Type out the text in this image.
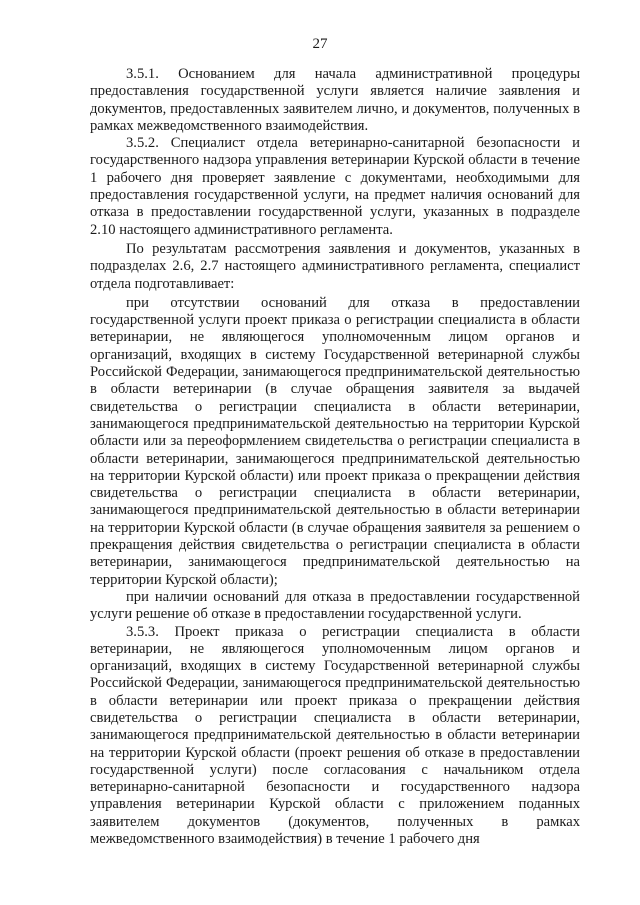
27

3.5.1. Основанием для начала административной процедуры предоставления государственной услуги является наличие заявления и документов, предоставленных заявителем лично, и документов, полученных в рамках межведомственного взаимодействия.

3.5.2. Специалист отдела ветеринарно-санитарной безопасности и государственного надзора управления ветеринарии Курской области в течение 1 рабочего дня проверяет заявление с документами, необходимыми для предоставления государственной услуги, на предмет наличия оснований для отказа в предоставлении государственной услуги, указанных в подразделе 2.10 настоящего административного регламента.

По результатам рассмотрения заявления и документов, указанных в подразделах 2.6, 2.7 настоящего административного регламента, специалист отдела подготавливает:

при отсутствии оснований для отказа в предоставлении государственной услуги проект приказа о регистрации специалиста в области ветеринарии, не являющегося уполномоченным лицом органов и организаций, входящих в систему Государственной ветеринарной службы Российской Федерации, занимающегося предпринимательской деятельностью в области ветеринарии (в случае обращения заявителя за выдачей свидетельства о регистрации специалиста в области ветеринарии, занимающегося предпринимательской деятельностью на территории Курской области или за переоформлением свидетельства о регистрации специалиста в области ветеринарии, занимающегося предпринимательской деятельностью на территории Курской области) или проект приказа о прекращении действия свидетельства о регистрации специалиста в области ветеринарии, занимающегося предпринимательской деятельностью в области ветеринарии на территории Курской области (в случае обращения заявителя за решением о прекращения действия свидетельства о регистрации специалиста в области ветеринарии, занимающегося предпринимательской деятельностью на территории Курской области);

при наличии оснований для отказа в предоставлении государственной услуги решение об отказе в предоставлении государственной услуги.

3.5.3. Проект приказа о регистрации специалиста в области ветеринарии, не являющегося уполномоченным лицом органов и организаций, входящих в систему Государственной ветеринарной службы Российской Федерации, занимающегося предпринимательской деятельностью в области ветеринарии или проект приказа о прекращении действия свидетельства о регистрации специалиста в области ветеринарии, занимающегося предпринимательской деятельностью в области ветеринарии на территории Курской области (проект решения об отказе в предоставлении государственной услуги) после согласования с начальником отдела ветеринарно-санитарной безопасности и государственного надзора управления ветеринарии Курской области с приложением поданных заявителем документов (документов, полученных в рамках межведомственного взаимодействия) в течение 1 рабочего дня
